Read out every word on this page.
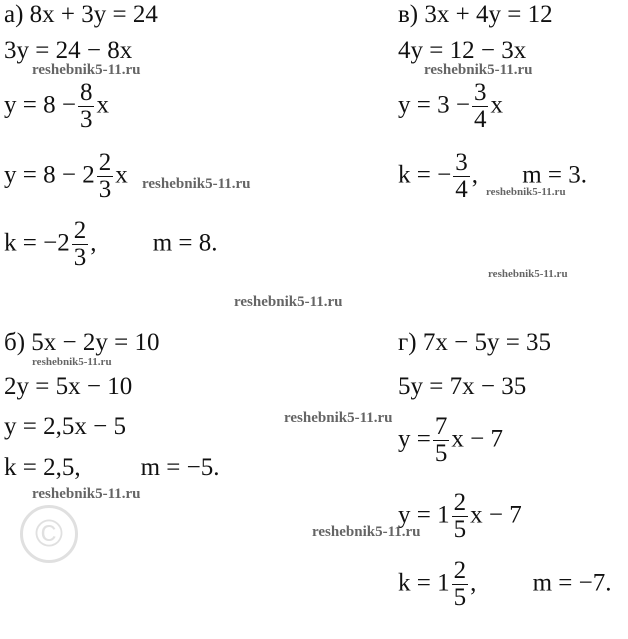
а) 8x + 3y = 24
3y = 24 − 8x
$y = 8 - \frac{8}{3}$ x
$y = 8 - 2 \frac{2}{3}$ x
$k = -2 \frac{2}{3}$ , m = 8.
в) 3x + 4y = 12
4y = 12 − 3x
$y = 3 - \frac{3}{4}$ x
k = − $\frac{3}{4}$ , m = 3.
б) 5x − 2y = 10
2y = 5x − 10
y = 2,5x − 5
k = 2,5, m = −5.
г) 7x − 5y = 35
5y = 7x − 35
$y = \frac{7}{5}$ x − 7
$y = 1 \frac{2}{5}$ x − 7
$k = 1 \frac{2}{5}$ , m = −7.
reshebnik5-11.ru	reshebnik5-11.ru
reshebnik5-11.ru	reshebnik5-11.ru
reshebnik5-11.ru
reshebnik5-11.ru
reshebnik5-11.ru
reshebnik5-11.ru
reshebnik5-11.ru
reshebnik5-11.ru
©
